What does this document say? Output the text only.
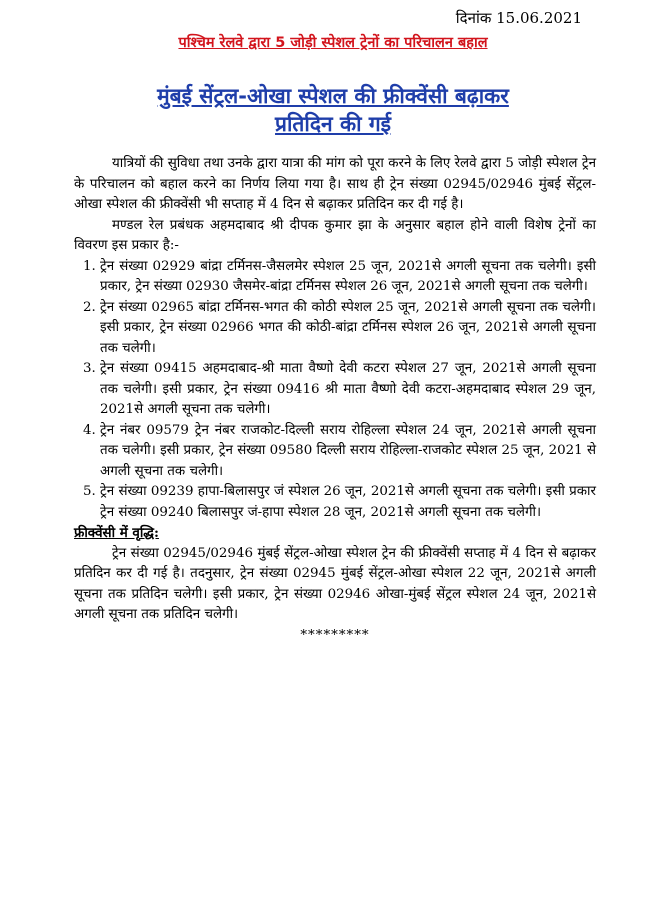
दिनांक 15.06.2021
पश्चिम रेलवे द्वारा 5 जोड़ी स्पेशल ट्रेनों का परिचालन बहाल
मुंबई सेंट्रल-ओखा स्पेशल की फ्रीक्वेंसी बढ़ाकर
प्रतिदिन की गई

यात्रियों की सुविधा तथा उनके द्वारा यात्रा की मांग को पूरा करने के लिए रेलवे द्वारा 5 जोड़ी स्पेशल ट्रेन के परिचालन को बहाल करने का निर्णय लिया गया है। साथ ही ट्रेन संख्या 02945/02946 मुंबई सेंट्रल-ओखा स्पेशल की फ्रीक्वेंसी भी सप्ताह में 4 दिन से बढ़ाकर प्रतिदिन कर दी गई है।

मण्डल रेल प्रबंधक अहमदाबाद श्री दीपक कुमार झा के अनुसार बहाल होने वाली विशेष ट्रेनों का विवरण इस प्रकार है:-

1. ट्रेन संख्या 02929 बांद्रा टर्मिनस-जैसलमेर स्पेशल 25 जून, 2021से अगली सूचना तक चलेगी। इसी प्रकार, ट्रेन संख्या 02930 जैसमेर-बांद्रा टर्मिनस स्पेशल 26 जून, 2021से अगली सूचना तक चलेगी।
2. ट्रेन संख्या 02965 बांद्रा टर्मिनस-भगत की कोठी स्पेशल 25 जून, 2021से अगली सूचना तक चलेगी। इसी प्रकार, ट्रेन संख्या 02966 भगत की कोठी-बांद्रा टर्मिनस स्पेशल 26 जून, 2021से अगली सूचना तक चलेगी।
3. ट्रेन संख्या 09415 अहमदाबाद-श्री माता वैष्णो देवी कटरा स्पेशल 27 जून, 2021से अगली सूचना तक चलेगी। इसी प्रकार, ट्रेन संख्या 09416 श्री माता वैष्णो देवी कटरा-अहमदाबाद स्पेशल 29 जून, 2021से अगली सूचना तक चलेगी।
4. ट्रेन नंबर 09579 ट्रेन नंबर राजकोट-दिल्ली सराय रोहिल्ला स्पेशल 24 जून, 2021से अगली सूचना तक चलेगी। इसी प्रकार, ट्रेन संख्या 09580 दिल्ली सराय रोहिल्ला-राजकोट स्पेशल 25 जून, 2021 से अगली सूचना तक चलेगी।
5. ट्रेन संख्या 09239 हापा-बिलासपुर जं स्पेशल 26 जून, 2021से अगली सूचना तक चलेगी। इसी प्रकार ट्रेन संख्या 09240 बिलासपुर जं-हापा स्पेशल 28 जून, 2021से अगली सूचना तक चलेगी।

फ्रीक्वेंसी में वृद्धि:

ट्रेन संख्या 02945/02946 मुंबई सेंट्रल-ओखा स्पेशल ट्रेन की फ्रीक्वेंसी सप्ताह में 4 दिन से बढ़ाकर प्रतिदिन कर दी गई है। तदनुसार, ट्रेन संख्या 02945 मुंबई सेंट्रल-ओखा स्पेशल 22 जून, 2021से अगली सूचना तक प्रतिदिन चलेगी। इसी प्रकार, ट्रेन संख्या 02946 ओखा-मुंबई सेंट्रल स्पेशल 24 जून, 2021से अगली सूचना तक प्रतिदिन चलेगी।

*********
